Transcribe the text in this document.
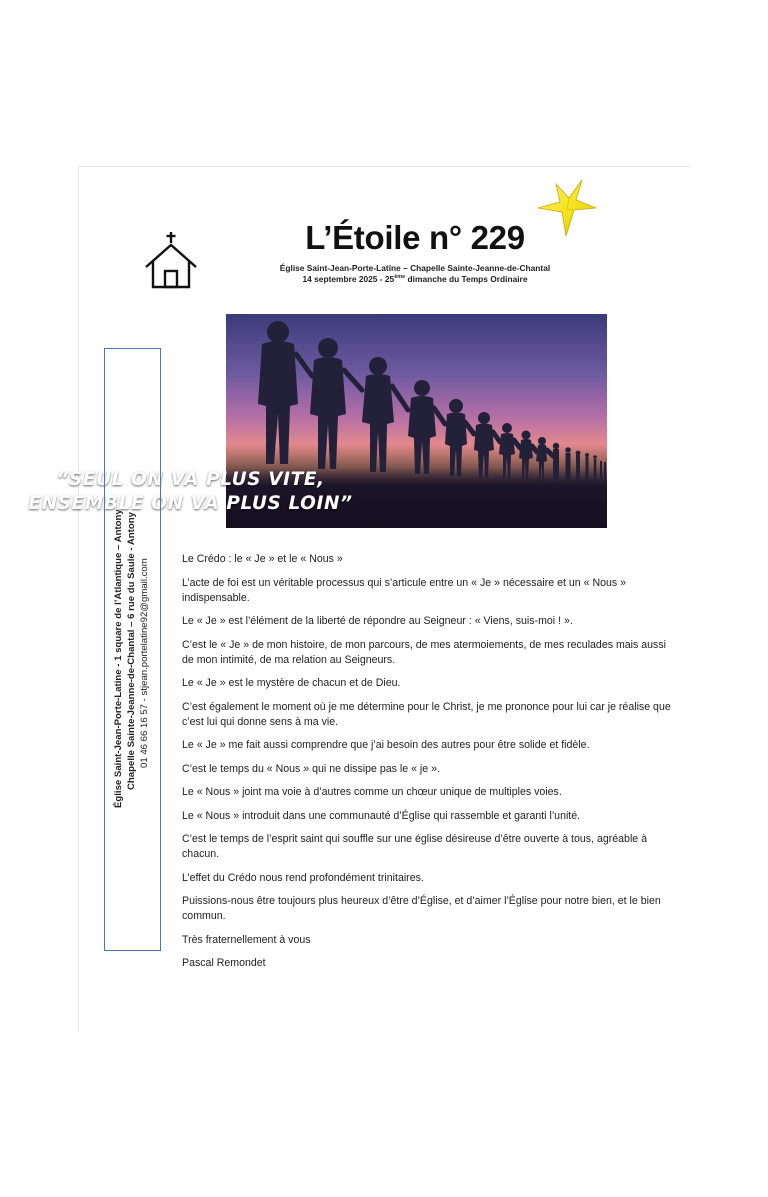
L’Étoile n° 229
Église Saint-Jean-Porte-Latine – Chapelle Sainte-Jeanne-de-Chantal
14 septembre 2025 - 25ème dimanche du Temps Ordinaire
“SEUL ON VA PLUS VITE,
ENSEMBLE ON VA PLUS LOIN”
Église Saint-Jean-Porte-Latine - 1 square de l’Atlantique – Antony Chapelle Sainte-Jeanne-de-Chantal – 6 rue du Saule - Antony 01 46 66 16 57 - stjean.portelatine92@gmail.com	Le Crédo : le « Je » et le « Nous »

L’acte de foi est un véritable processus qui s’articule entre un « Je » nécessaire et un « Nous » indispensable.

Le « Je » est l’élément de la liberté de répondre au Seigneur : « Viens, suis-moi ! ».

C’est le « Je » de mon histoire, de mon parcours, de mes atermoiements, de mes reculades mais aussi de mon intimité, de ma relation au Seigneurs.

Le « Je » est le mystère de chacun et de Dieu.

C’est également le moment où je me détermine pour le Christ, je me prononce pour lui car je réalise que c’est lui qui donne sens à ma vie.

Le « Je » me fait aussi comprendre que j’ai besoin des autres pour être solide et fidèle.

C’est le temps du « Nous » qui ne dissipe pas le « je ».

Le « Nous » joint ma voie à d’autres comme un chœur unique de multiples voies.

Le « Nous » introduit dans une communauté d’Église qui rassemble et garanti l’unité.

C’est le temps de l’esprit saint qui souffle sur une église désireuse d’être ouverte à tous, agréable à chacun.

L’effet du Crédo nous rend profondément trinitaires.

Puissions-nous être toujours plus heureux d’être d’Église, et d’aimer l’Église pour notre bien, et le bien commun.

Très fraternellement à vous

Pascal Remondet
